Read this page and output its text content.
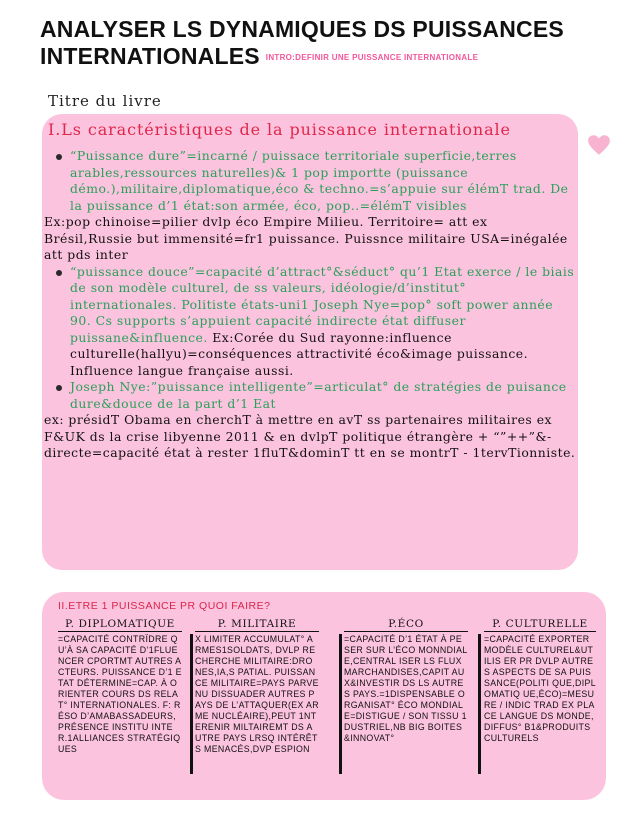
ANALYSER LS DYNAMIQUES DS PUISSANCES
INTERNATIONALES INTRO:DEFINIR UNE PUISSANCE INTERNATIONALE
Titre du livre
I.Ls caractéristiques de la puissance internationale

“Puissance dure”=incarné / puissace territoriale superficie,terres arables,ressources naturelles)& 1 pop importte (puissance démo.),militaire,diplomatique,éco & techno.=s’appuie sur élémT trad. De la puissance d’1 état:son armée, éco, pop..=élémT visibles

Ex:pop chinoise=pilier dvlp éco Empire Milieu. Territoire= att ex Brésil,Russie but immensité=fr1 puissance. Puissnce militaire USA=inégalée att pds inter

“puissance douce”=capacité d’attract°&séduct° qu’1 Etat exerce / le biais de son modèle culturel, de ss valeurs, idéologie/d’institut° internationales. Politiste états-uni1 Joseph Nye=pop° soft power année 90. Cs supports s’appuient capacité indirecte état diffuser puissane&influence. Ex:Corée du Sud rayonne:influence culturelle(hallyu)=conséquences attractivité éco&image puissance. Influence langue française aussi.

Joseph Nye:”puissance intelligente”=articulat° de stratégies de puisance dure&douce de la part d’1 Eat

ex: présidT Obama en cherchT à mettre en avT ss partenaires militaires ex F&UK ds la crise libyenne 2011 & en dvlpT politique étrangère + “”++”&-directe=capacité état à rester 1fluT&dominT tt en se montrT - 1tervTionniste.

II.ETRE 1 PUISSANCE PR QUOI FAIRE?
P. DIPLOMATIQUE
=CAPACITÉ CONTRÏDRE QU’À SA CAPACITÉ D’1FLUENCER CPORTMT AUTRES ACTEURS. PUISSANCE D’1 ETAT DÉTERMINE=CAP. À ORIENTER COURS DS RELAT° INTERNATIONALES. F: RÉSO D’AMABASSADEURS, PRÉSENCE INSTITU INTER.1ALLIANCES STRATÉGIQUES
P. MILITAIRE
X LIMITER ACCUMULAT° ARMES1SOLDATS, DVLP RECHERCHE MILITAIRE:DRONES,IA,S PATIAL. PUISSANCE MILITAIRE=PAYS PARVENU DISSUADER AUTRES PAYS DE L’ATTAQUER(EX ARME NUCLÉAIRE),PEUT 1NTERENIR MILTAIREMT DS AUTRE PAYS LRSQ INTÉRÊTS MENACÉS,DVP ESPION
P.ÉCO
=CAPACITÉ D’1 ÉTAT À PESER SUR L’ÉCO MONNDIALE,CENTRAL ISER LS FLUX MARCHANDISES,CAPIT AUX&INVESTIR DS LS AUTRES PAYS.=1DISPENSABLE ORGANISAT° ÉCO MONDIALE=DISTIGUE / SON TISSU 1DUSTRIEL,NB BIG BOITES&INNOVAT°
P. CULTURELLE
=CAPACITÉ EXPORTER MODÈLE CULTUREL&UTILIS ER PR DVLP AUTRES ASPECTS DE SA PUISSANCE(POLITI QUE,DIPLOMATIQ UE,ÉCO)=MESURE / INDIC TRAD EX PLACE LANGUE DS MONDE, DIFFUS° B1&PRODUITS CULTURELS
